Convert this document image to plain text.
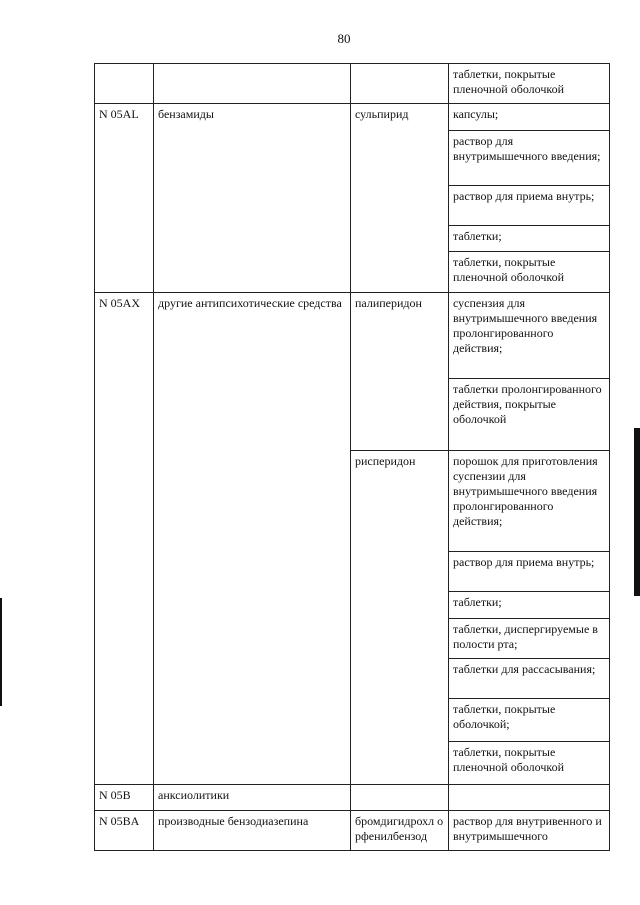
80
			таблетки, покрытые пленочной оболочкой
N 05AL	бензамиды	сульпирид	капсулы;
			раствор для внутримышечного введения;
			раствор для приема внутрь;
			таблетки;
			таблетки, покрытые пленочной оболочкой
N 05AX	другие антипсихотические средства	палиперидон	суспензия для внутримышечного введения пролонгированного действия;
			таблетки пролонгированного действия, покрытые оболочкой
		рисперидон	порошок для приготовления суспензии для внутримышечного введения пролонгированного действия;
			раствор для приема внутрь;
			таблетки;
			таблетки, диспергируемые в полости рта;
			таблетки для рассасывания;
			таблетки, покрытые оболочкой;
			таблетки, покрытые пленочной оболочкой
N 05B	анксиолитики		
N 05BA	производные бензодиазепина	бромдигидрохл орфенилбензод	раствор для внутривенного и внутримышечного
